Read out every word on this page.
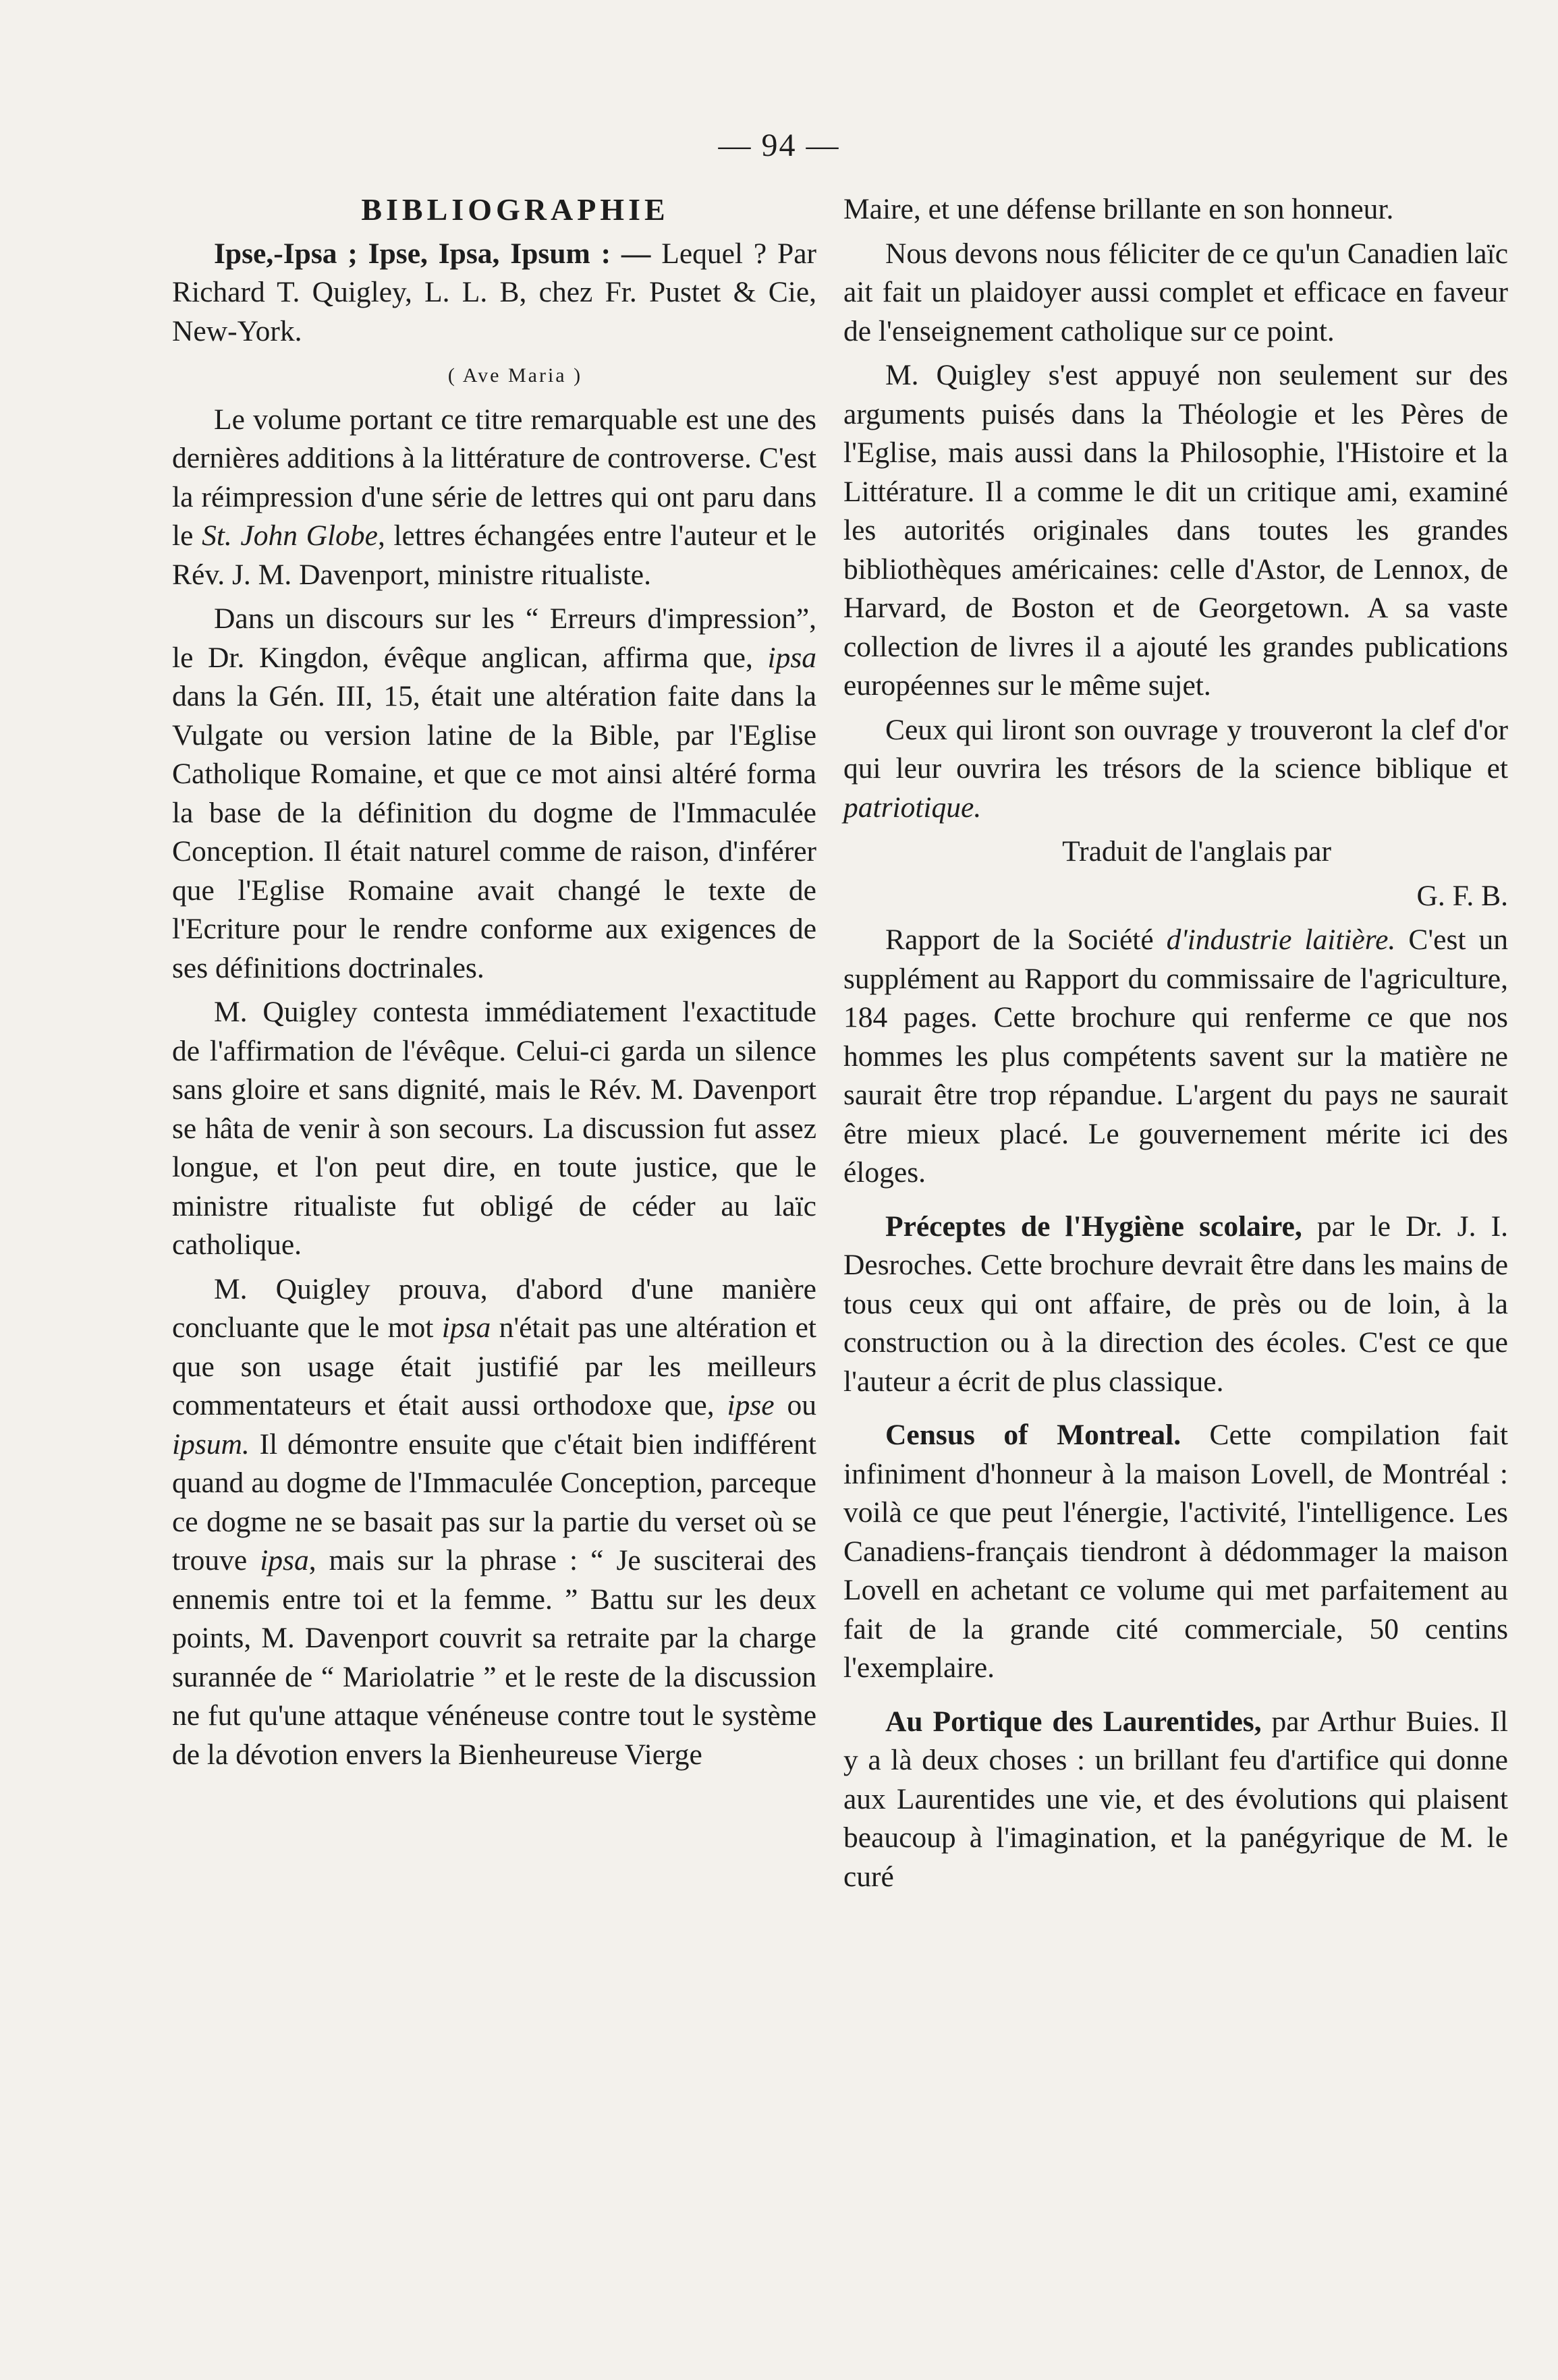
— 94 —

BIBLIOGRAPHIE

Ipse,-Ipsa ; Ipse, Ipsa, Ipsum : — Lequel ? Par Richard T. Quigley, L. L. B, chez Fr. Pustet & Cie, New-York.

( Ave Maria )

Le volume portant ce titre remarquable est une des dernières additions à la littérature de controverse. C'est la réimpression d'une série de lettres qui ont paru dans le St. John Globe, lettres échangées entre l'auteur et le Rév. J. M. Davenport, ministre ritualiste.

Dans un discours sur les “ Erreurs d'impression”, le Dr. Kingdon, évêque anglican, affirma que, ipsa dans la Gén. III, 15, était une altération faite dans la Vulgate ou version latine de la Bible, par l'Eglise Catholique Romaine, et que ce mot ainsi altéré forma la base de la définition du dogme de l'Immaculée Conception. Il était naturel comme de raison, d'inférer que l'Eglise Romaine avait changé le texte de l'Ecriture pour le rendre conforme aux exigences de ses définitions doctrinales.

M. Quigley contesta immédiatement l'exactitude de l'affirmation de l'évêque. Celui-ci garda un silence sans gloire et sans dignité, mais le Rév. M. Davenport se hâta de venir à son secours. La discussion fut assez longue, et l'on peut dire, en toute justice, que le ministre ritualiste fut obligé de céder au laïc catholique.

M. Quigley prouva, d'abord d'une manière concluante que le mot ipsa n'était pas une altération et que son usage était justifié par les meilleurs commentateurs et était aussi orthodoxe que, ipse ou ipsum. Il démontre ensuite que c'était bien indifférent quand au dogme de l'Immaculée Conception, parceque ce dogme ne se basait pas sur la partie du verset où se trouve ipsa, mais sur la phrase : “ Je susciterai des ennemis entre toi et la femme. ” Battu sur les deux points, M. Davenport couvrit sa retraite par la charge surannée de “ Mariolatrie ” et le reste de la discussion ne fut qu'une attaque vénéneuse contre tout le système de la dévotion envers la Bienheureuse Vierge

Maire, et une défense brillante en son honneur.

Nous devons nous féliciter de ce qu'un Canadien laïc ait fait un plaidoyer aussi complet et efficace en faveur de l'enseignement catholique sur ce point.

M. Quigley s'est appuyé non seulement sur des arguments puisés dans la Théologie et les Pères de l'Eglise, mais aussi dans la Philosophie, l'Histoire et la Littérature. Il a comme le dit un critique ami, examiné les autorités originales dans toutes les grandes bibliothèques américaines: celle d'Astor, de Lennox, de Harvard, de Boston et de Georgetown. A sa vaste collection de livres il a ajouté les grandes publications européennes sur le même sujet.

Ceux qui liront son ouvrage y trouveront la clef d'or qui leur ouvrira les trésors de la science biblique et patriotique.

Traduit de l'anglais par

G. F. B.

Rapport de la Société d'industrie laitière. C'est un supplément au Rapport du commissaire de l'agriculture, 184 pages. Cette brochure qui renferme ce que nos hommes les plus compétents savent sur la matière ne saurait être trop répandue. L'argent du pays ne saurait être mieux placé. Le gouvernement mérite ici des éloges.

Préceptes de l'Hygiène scolaire, par le Dr. J. I. Desroches. Cette brochure devrait être dans les mains de tous ceux qui ont affaire, de près ou de loin, à la construction ou à la direction des écoles. C'est ce que l'auteur a écrit de plus classique.

Census of Montreal. Cette compilation fait infiniment d'honneur à la maison Lovell, de Montréal : voilà ce que peut l'énergie, l'activité, l'intelligence. Les Canadiens-français tiendront à dédommager la maison Lovell en achetant ce volume qui met parfaitement au fait de la grande cité commerciale, 50 centins l'exemplaire.

Au Portique des Laurentides, par Arthur Buies. Il y a là deux choses : un brillant feu d'artifice qui donne aux Laurentides une vie, et des évolutions qui plaisent beaucoup à l'imagination, et la panégyrique de M. le curé
